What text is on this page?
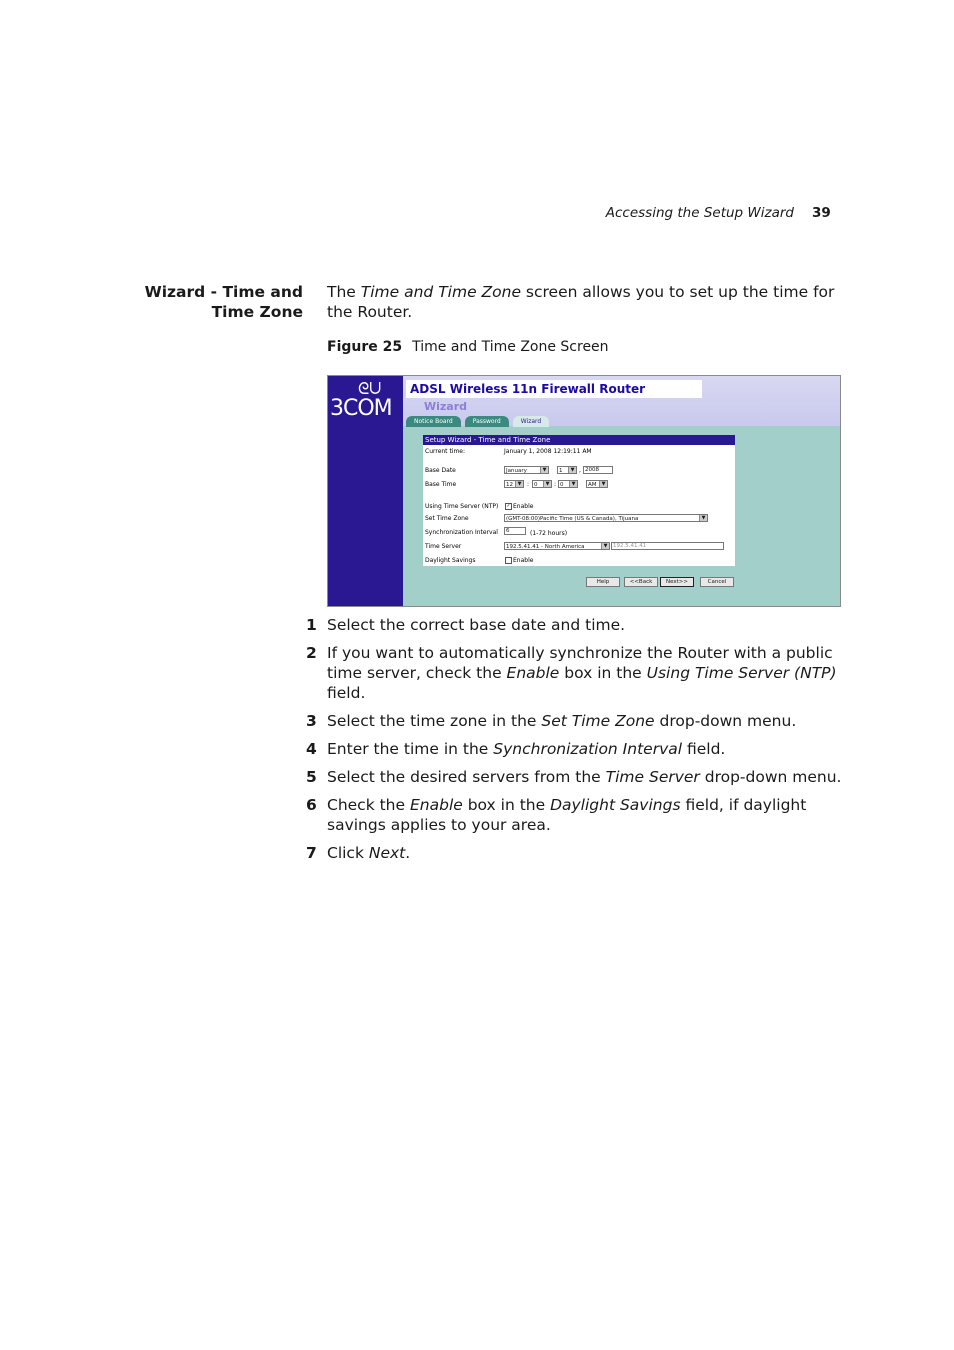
Accessing the Setup Wizard 39
Wizard - Time and
Time Zone
The Time and Time Zone screen allows you to set up the time for the Router.
Figure 25 Time and Time Zone Screen
ᘓᑌ
3COM
ADSL Wireless 11n Firewall Router
Wizard
Notice Board	Password	Wizard
Setup Wizard - Time and Time Zone
Current time:	January 1, 2008 12:19:11 AM
Base Date	January	▼	1	▼ , 2008
Base Time	12 ▼ : 0	▼ : 0	▼	AM	▼
Using Time Server (NTP) ✓ Enable
Set Time Zone	(GMT-08:00)Pacific Time (US & Canada), Tijuana	▼
Synchronization Interval	6	(1-72 hours)
Time Server	192.5.41.41 - North America	▼	192.5.41.41
Daylight Savings	Enable
Help	<<Back	Next>>	Cancel
1 Select the correct base date and time.
2 If you want to automatically synchronize the Router with a public time server, check the Enable box in the Using Time Server (NTP) field.
3 Select the time zone in the Set Time Zone drop-down menu.
4 Enter the time in the Synchronization Interval field.
5 Select the desired servers from the Time Server drop-down menu.
6 Check the Enable box in the Daylight Savings field, if daylight savings applies to your area.
7 Click Next.
